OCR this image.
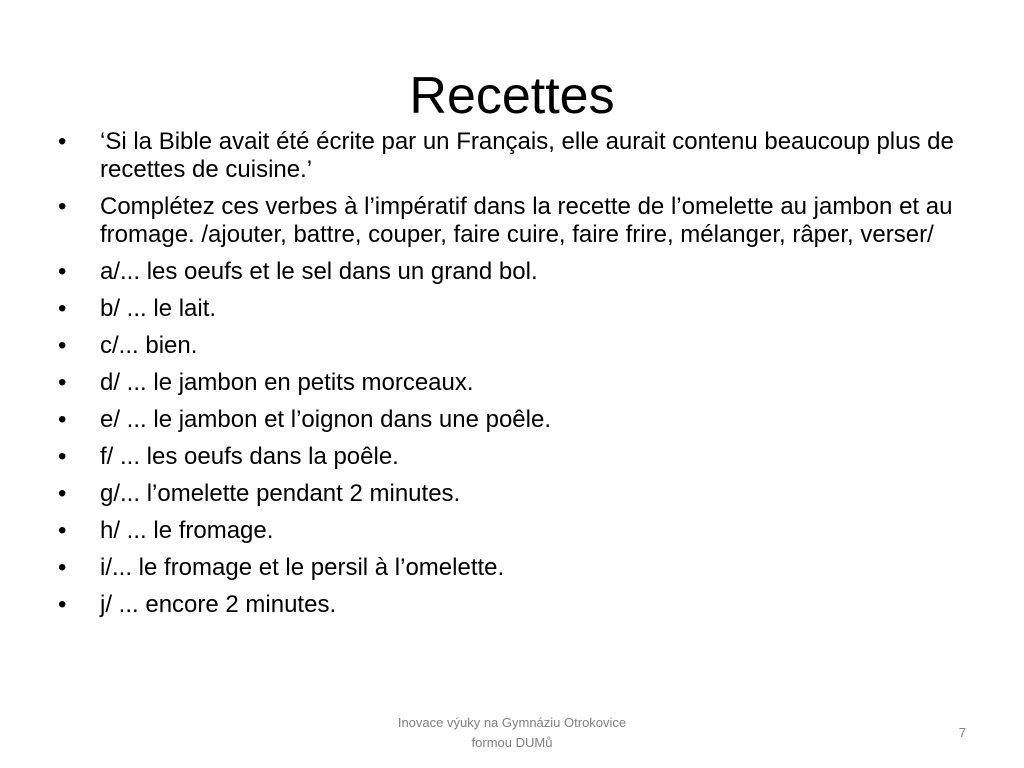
Recettes
• ‘Si la Bible avait été écrite par un Français, elle aurait contenu beaucoup plus de recettes de cuisine.’
• Complétez ces verbes à l’impératif dans la recette de l’omelette au jambon et au fromage. /ajouter, battre, couper, faire cuire, faire frire, mélanger, râper, verser/
• a/... les oeufs et le sel dans un grand bol.
• b/ ... le lait.
• c/... bien.
• d/ ... le jambon en petits morceaux.
• e/ ... le jambon et l’oignon dans une poêle.
• f/ ... les oeufs dans la poêle.
• g/... l’omelette pendant 2 minutes.
• h/ ... le fromage.
• i/... le fromage et le persil à l’omelette.
• j/ ... encore 2 minutes.
Inovace výuky na Gymnáziu Otrokovice
formou DUMů
7
